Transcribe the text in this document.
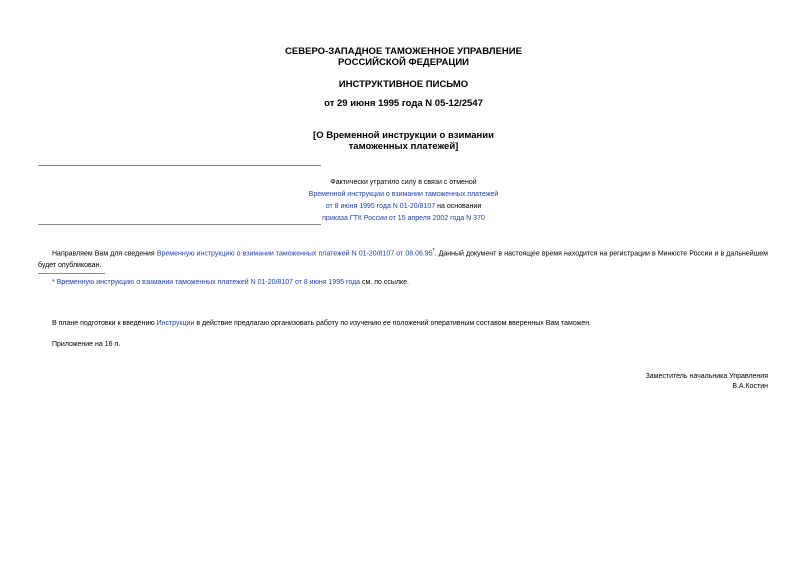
СЕВЕРО-ЗАПАДНОЕ ТАМОЖЕННОЕ УПРАВЛЕНИЕ
РОССИЙСКОЙ ФЕДЕРАЦИИ
ИНСТРУКТИВНОЕ ПИСЬМО
от 29 июня 1995 года N 05-12/2547
[О Временной инструкции о взимании
таможенных платежей]
Фактически утратило силу в связи с отменой
Временной инструкции о взимании таможенных платежей
от 8 июня 1995 года N 01-20/8107 на основании
приказа ГТК России от 15 апреля 2002 года N 370
Направляем Вам для сведения Временную инструкцию о взимании таможенных платежей N 01-20/8107 от 08.06.95*. Данный документ в настоящее время находится на регистрации в Минюсте России и в дальнейшем будет опубликован.
* Временную инструкцию о взимании таможенных платежей N 01-20/8107 от 8 июня 1995 года см. по ссылке.
В плане подготовки к введению Инструкции в действие предлагаю организовать работу по изучению ее положений оперативным составом вверенных Вам таможен.
Приложение на 16 л.
Заместитель начальника Управления
В.А.Костин
